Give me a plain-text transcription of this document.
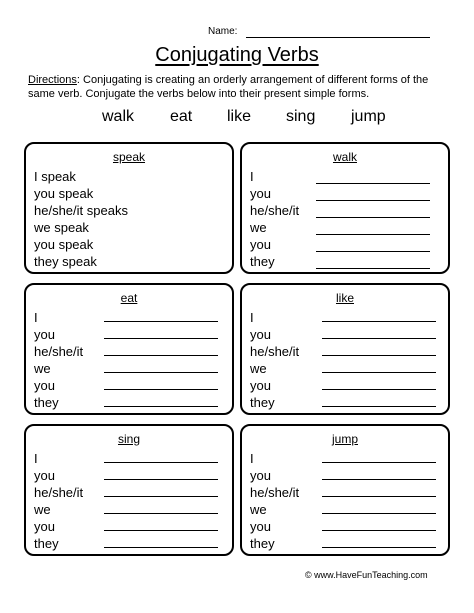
Name:
Conjugating Verbs
Directions: Conjugating is creating an orderly arrangement of different forms of the same verb. Conjugate the verbs below into their present simple forms.
walk eat like sing jump
speak
I speak
you speak
he/she/it speaks
we speak
you speak
they speak
walk
I
you
he/she/it
we
you
they
eat
I
you
he/she/it
we
you
they
like
I
you
he/she/it
we
you
they
sing
I
you
he/she/it
we
you
they
jump
I
you
he/she/it
we
you
they
© www.HaveFunTeaching.com
